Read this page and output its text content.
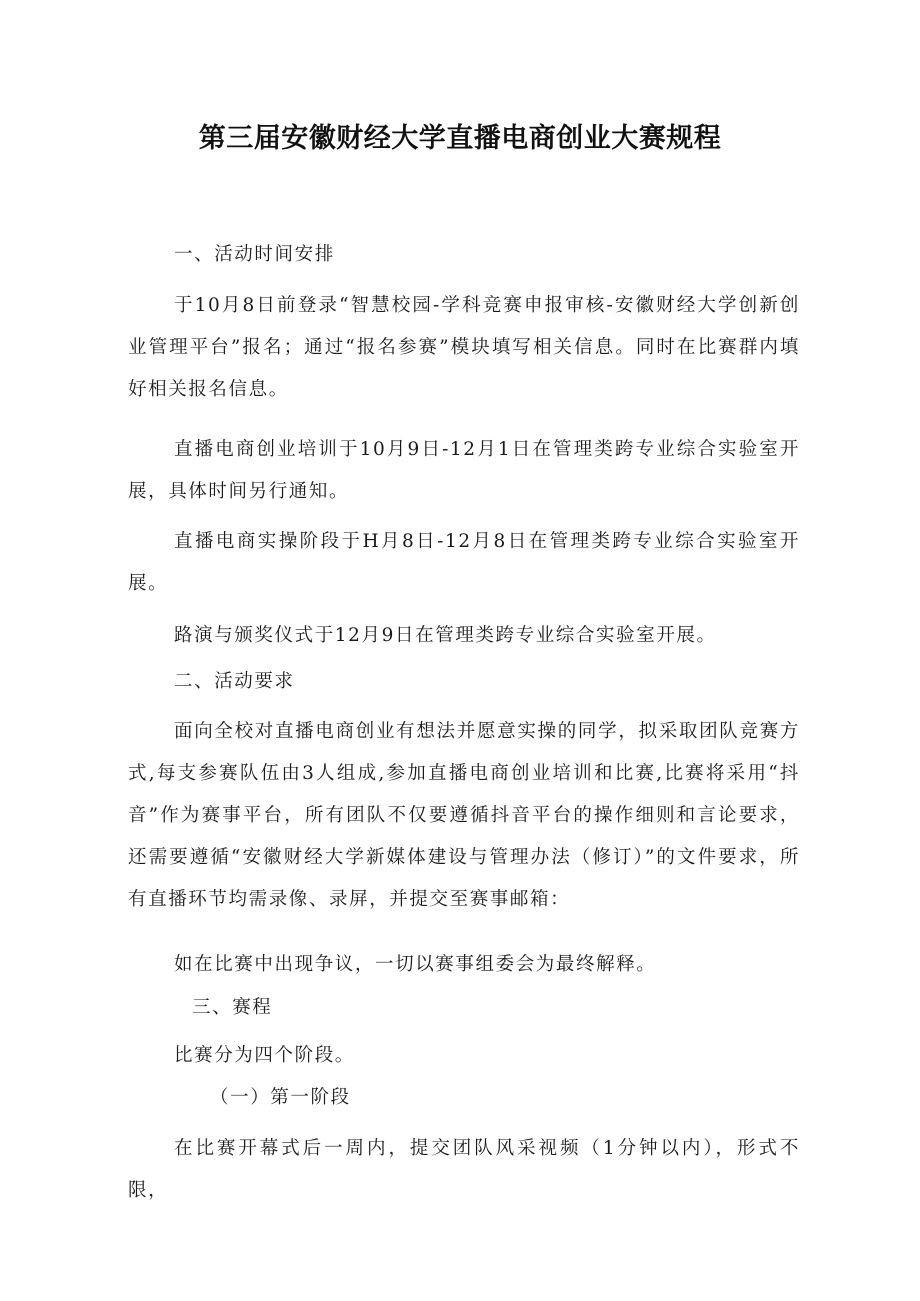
第三届安徽财经大学直播电商创业大赛规程
一、活动时间安排
于10月8日前登录“智慧校园-学科竞赛申报审核-安徽财经大学创新创业管理平台”报名；通过“报名参赛”模块填写相关信息。同时在比赛群内填好相关报名信息。
直播电商创业培训于10月9日-12月1日在管理类跨专业综合实验室开展，具体时间另行通知。
直播电商实操阶段于H月8日-12月8日在管理类跨专业综合实验室开展。
路演与颁奖仪式于12月9日在管理类跨专业综合实验室开展。
二、活动要求
面向全校对直播电商创业有想法并愿意实操的同学，拟采取团队竞赛方式,每支参赛队伍由3人组成,参加直播电商创业培训和比赛,比赛将采用“抖音”作为赛事平台，所有团队不仅要遵循抖音平台的操作细则和言论要求，还需要遵循“安徽财经大学新媒体建设与管理办法（修订）”的文件要求，所有直播环节均需录像、录屏，并提交至赛事邮箱：
如在比赛中出现争议，一切以赛事组委会为最终解释。
三、赛程
比赛分为四个阶段。
（一）第一阶段
在比赛开幕式后一周内，提交团队风采视频（1分钟以内），形式不限，
